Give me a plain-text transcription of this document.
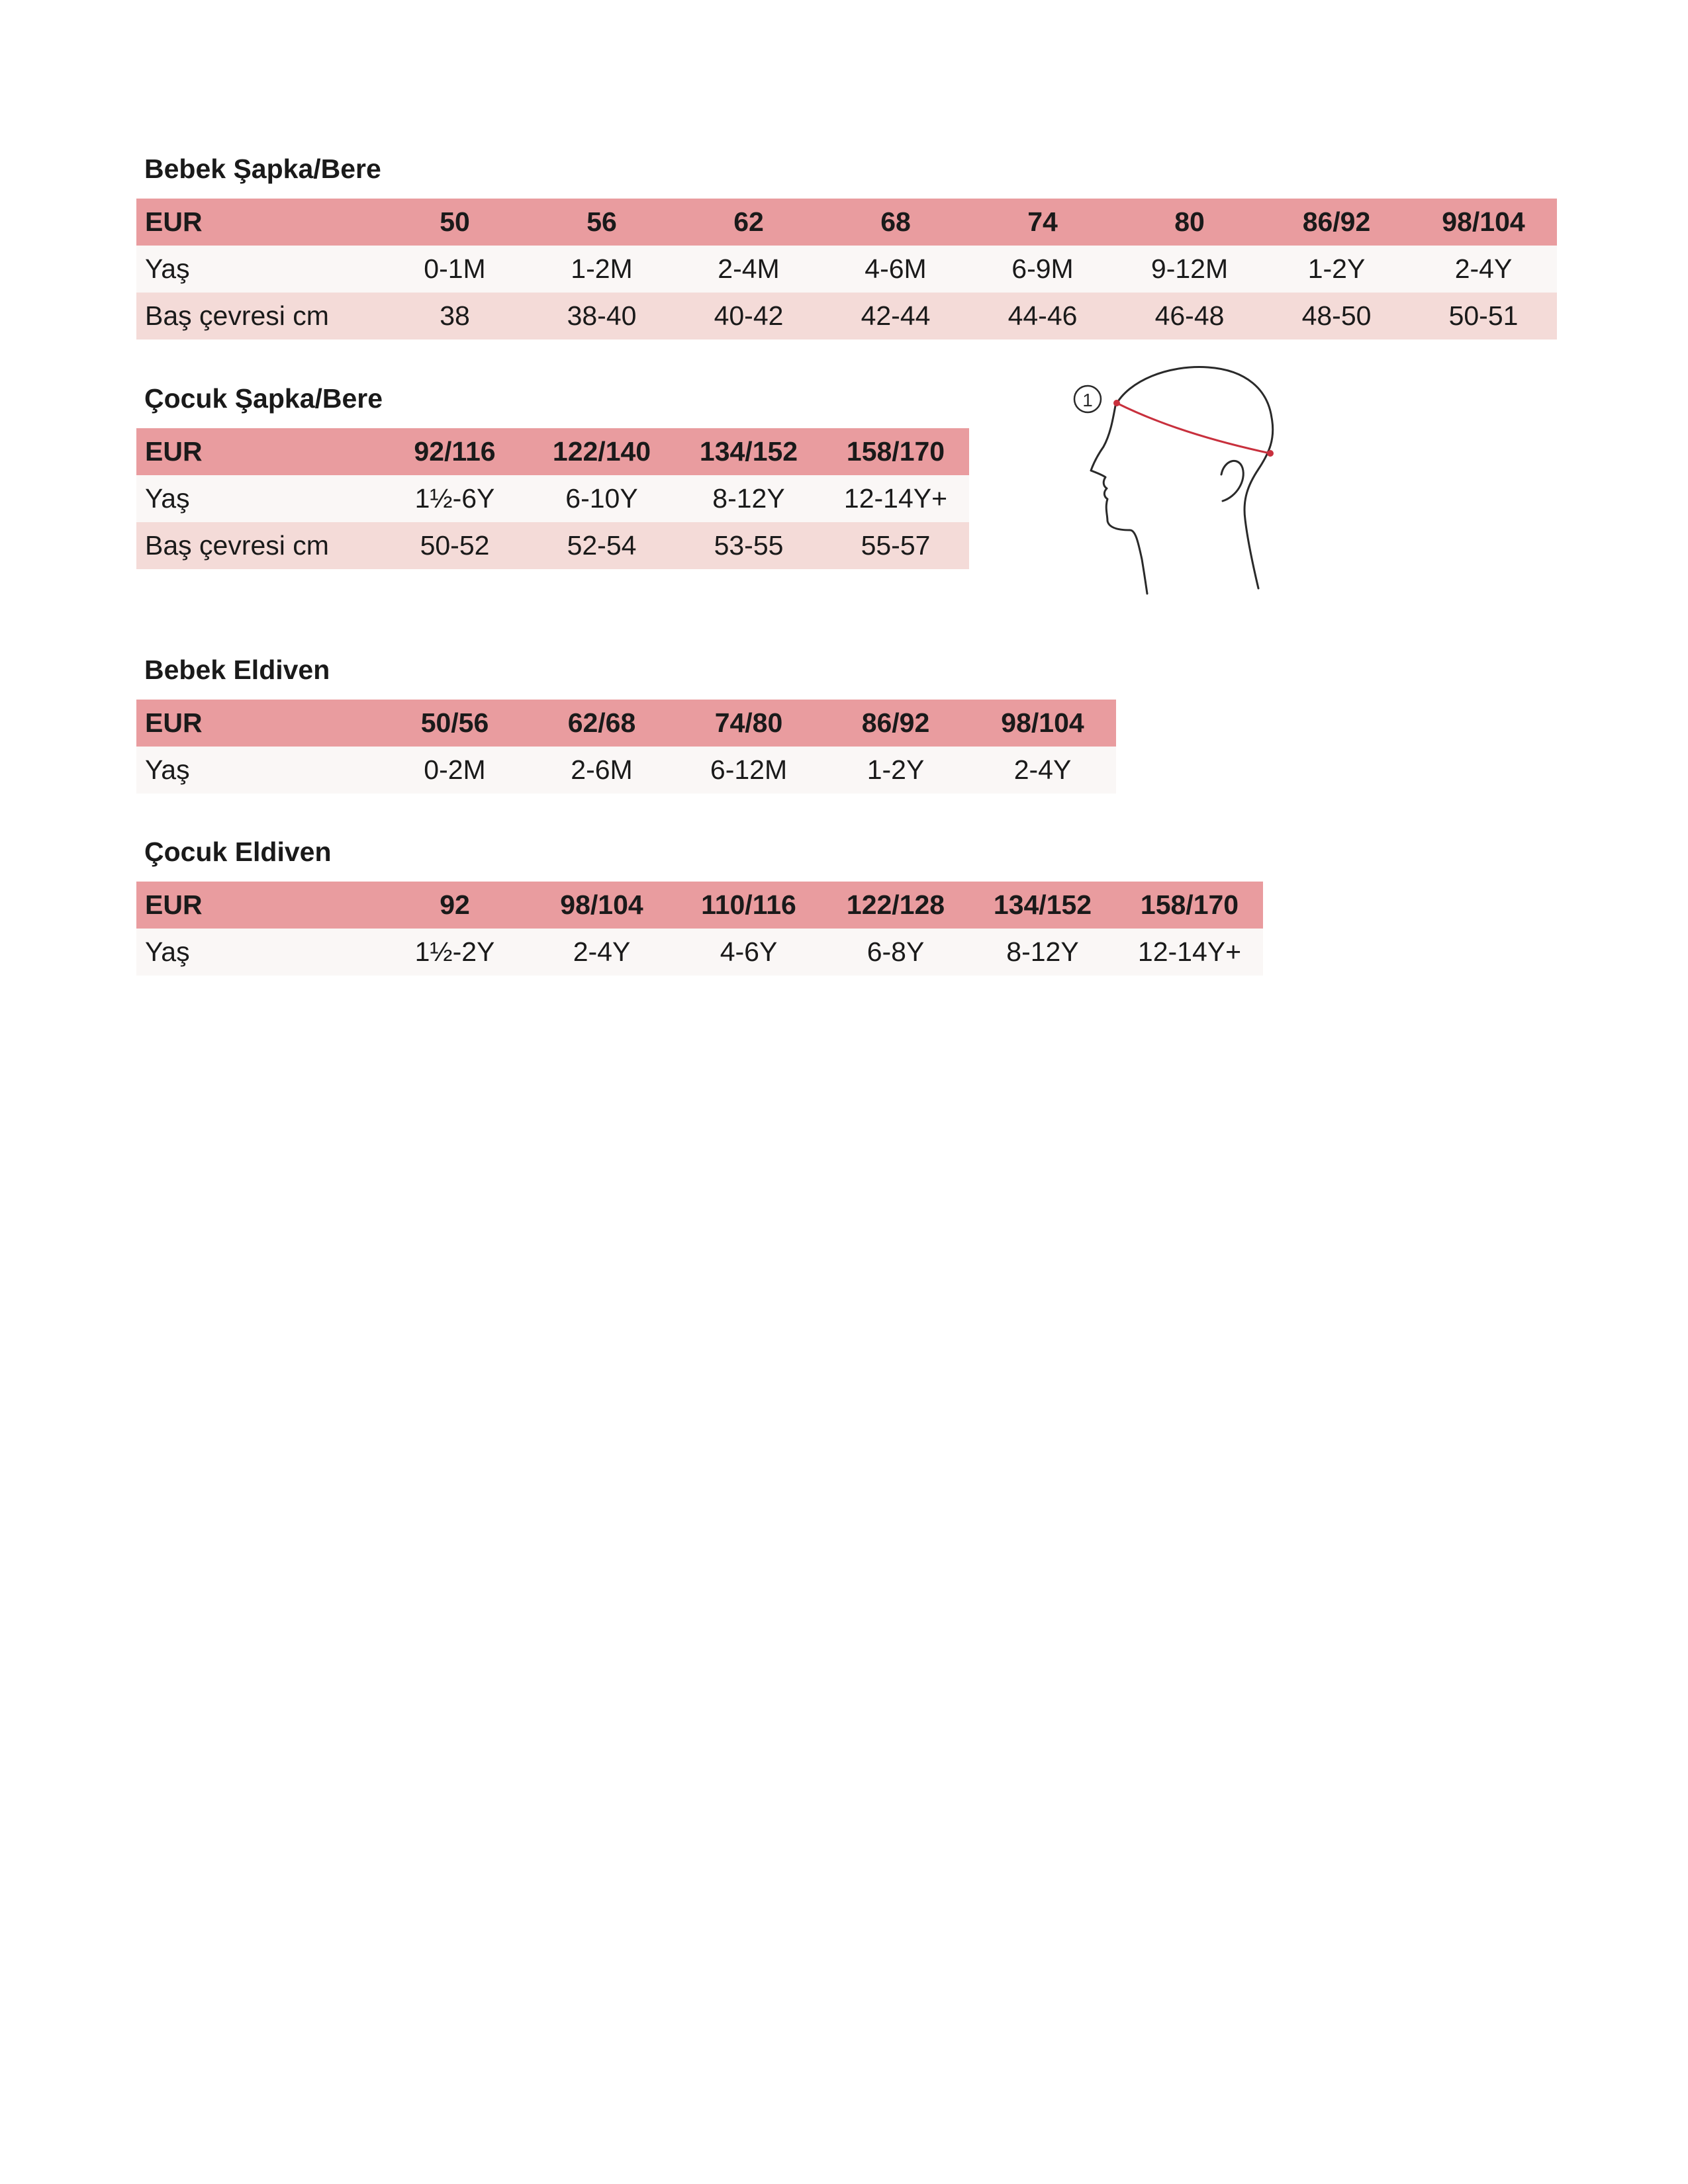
Bebek Şapka/Bere
EUR	50	56	62	68	74	80	86/92	98/104
Yaş	0-1M	1-2M	2-4M	4-6M	6-9M	9-12M	1-2Y	2-4Y
Baş çevresi cm	38	38-40	40-42	42-44	44-46	46-48	48-50	50-51
Çocuk Şapka/Bere
EUR	92/116	122/140	134/152	158/170
Yaş	1½-6Y	6-10Y	8-12Y	12-14Y+
Baş çevresi cm	50-52	52-54	53-55	55-57
1
Bebek Eldiven
EUR	50/56	62/68	74/80	86/92	98/104
Yaş	0-2M	2-6M	6-12M	1-2Y	2-4Y
Çocuk Eldiven
EUR	92	98/104	110/116	122/128	134/152	158/170
Yaş	1½-2Y	2-4Y	4-6Y	6-8Y	8-12Y	12-14Y+
